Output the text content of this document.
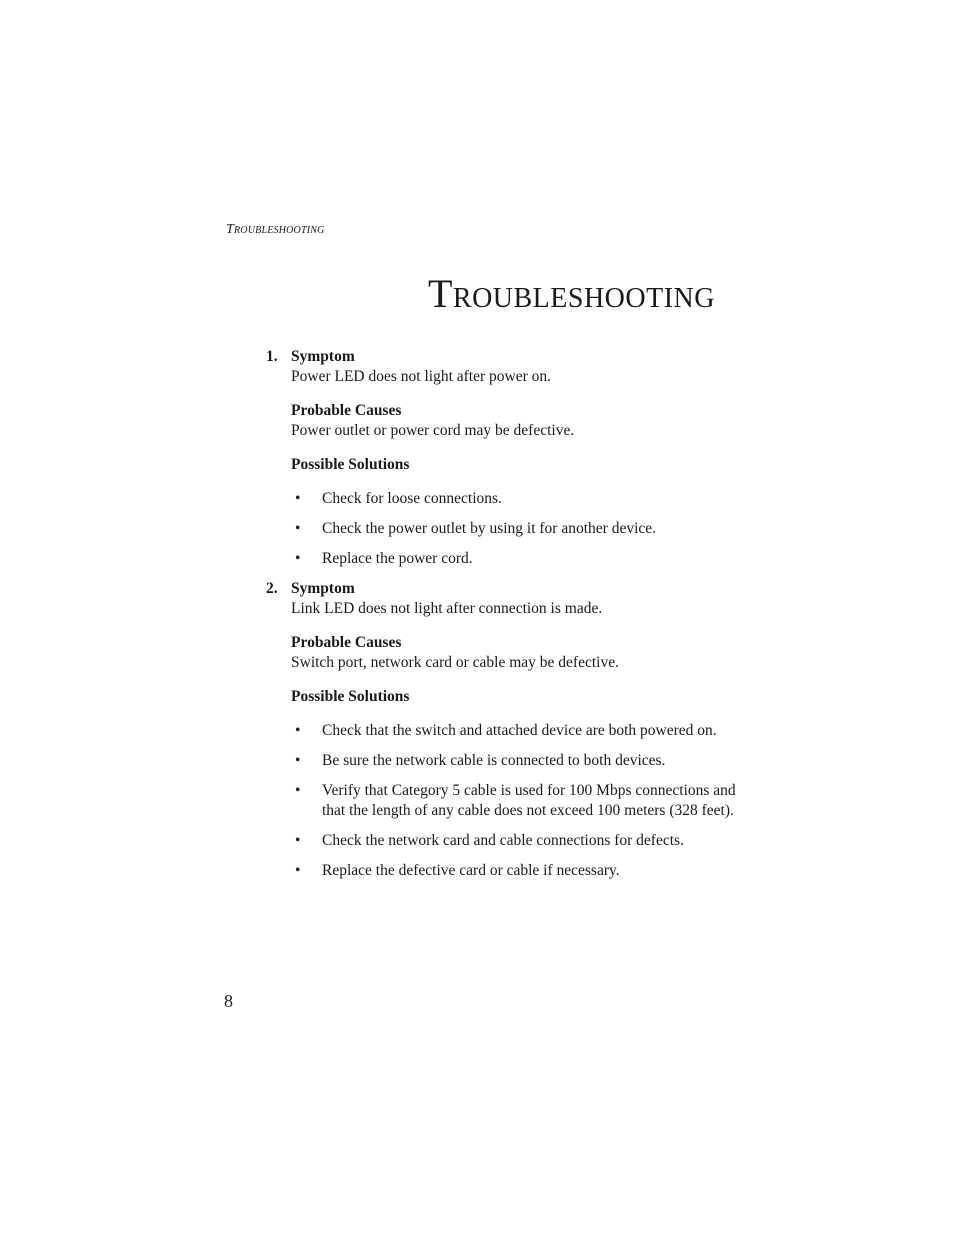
Troubleshooting
Troubleshooting
1. Symptom

Power LED does not light after power on.

Probable Causes

Power outlet or power cord may be defective.

Possible Solutions
• Check for loose connections.
• Check the power outlet by using it for another device.
• Replace the power cord.
2. Symptom

Link LED does not light after connection is made.

Probable Causes

Switch port, network card or cable may be defective.

Possible Solutions
• Check that the switch and attached device are both powered on.
• Be sure the network cable is connected to both devices.
• Verify that Category 5 cable is used for 100 Mbps connections and that the length of any cable does not exceed 100 meters (328 feet).
• Check the network card and cable connections for defects.
• Replace the defective card or cable if necessary.
8
